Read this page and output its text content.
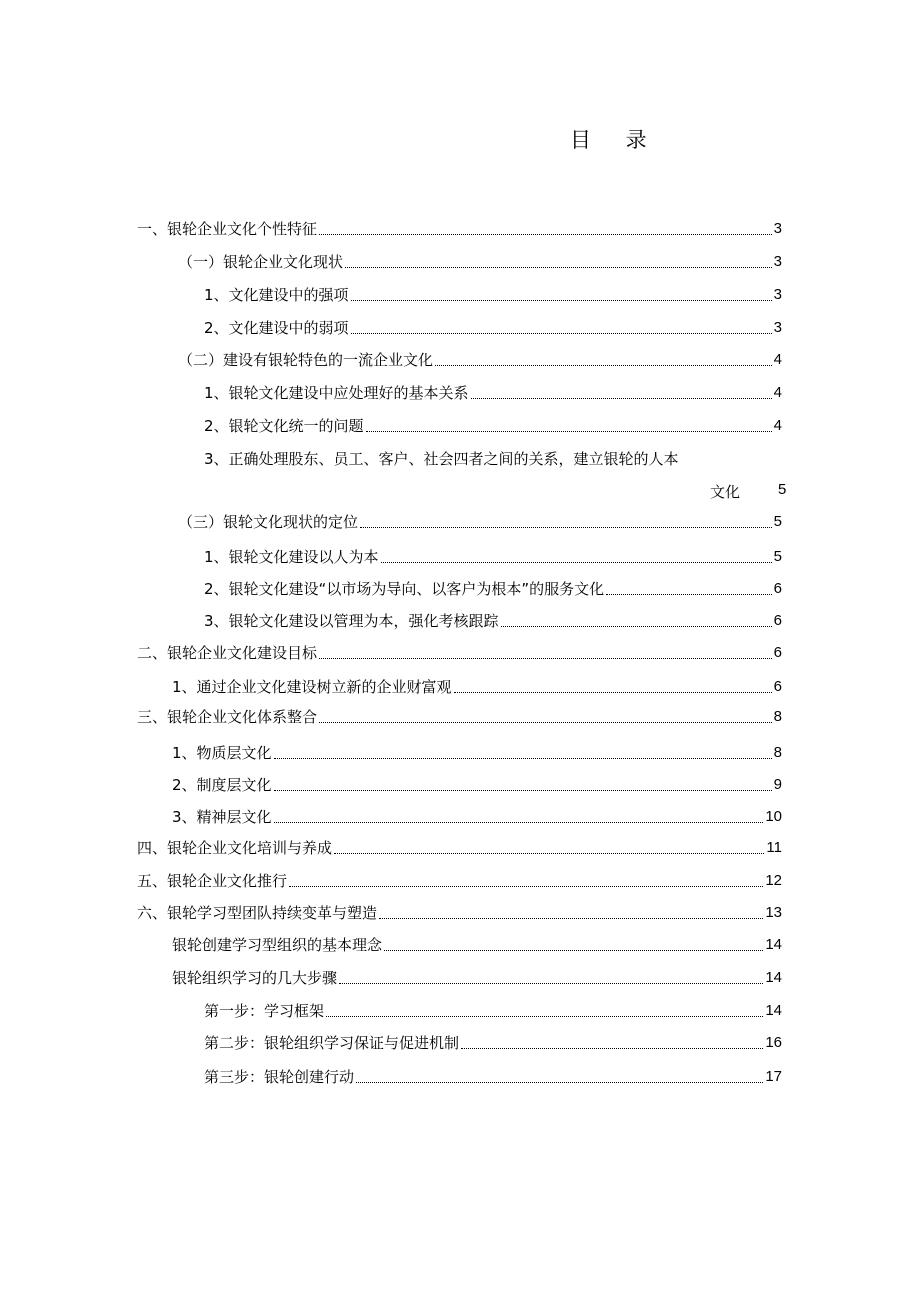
目 录
一、银轮企业文化个性特征	3
（一）银轮企业文化现状	3
1、文化建设中的强项	3
2、文化建设中的弱项	3
（二）建设有银轮特色的一流企业文化	4
1、银轮文化建设中应处理好的基本关系	4
2、银轮文化统一的问题	4
3、正确处理股东、员工、客户、社会四者之间的关系，建立银轮的人本
文化	5
（三）银轮文化现状的定位	5
1、银轮文化建设以人为本	5
2、银轮文化建设“以市场为导向、以客户为根本”的服务文化	6
3、银轮文化建设以管理为本，强化考核跟踪	6
二、银轮企业文化建设目标	6
1、通过企业文化建设树立新的企业财富观	6
三、银轮企业文化体系整合	8
1、物质层文化	8
2、制度层文化	9
3、精神层文化	10
四、银轮企业文化培训与养成	11
五、银轮企业文化推行	12
六、银轮学习型团队持续变革与塑造	13
银轮创建学习型组织的基本理念	14
银轮组织学习的几大步骤	14
第一步：学习框架	14
第二步：银轮组织学习保证与促进机制	16
第三步：银轮创建行动	17
